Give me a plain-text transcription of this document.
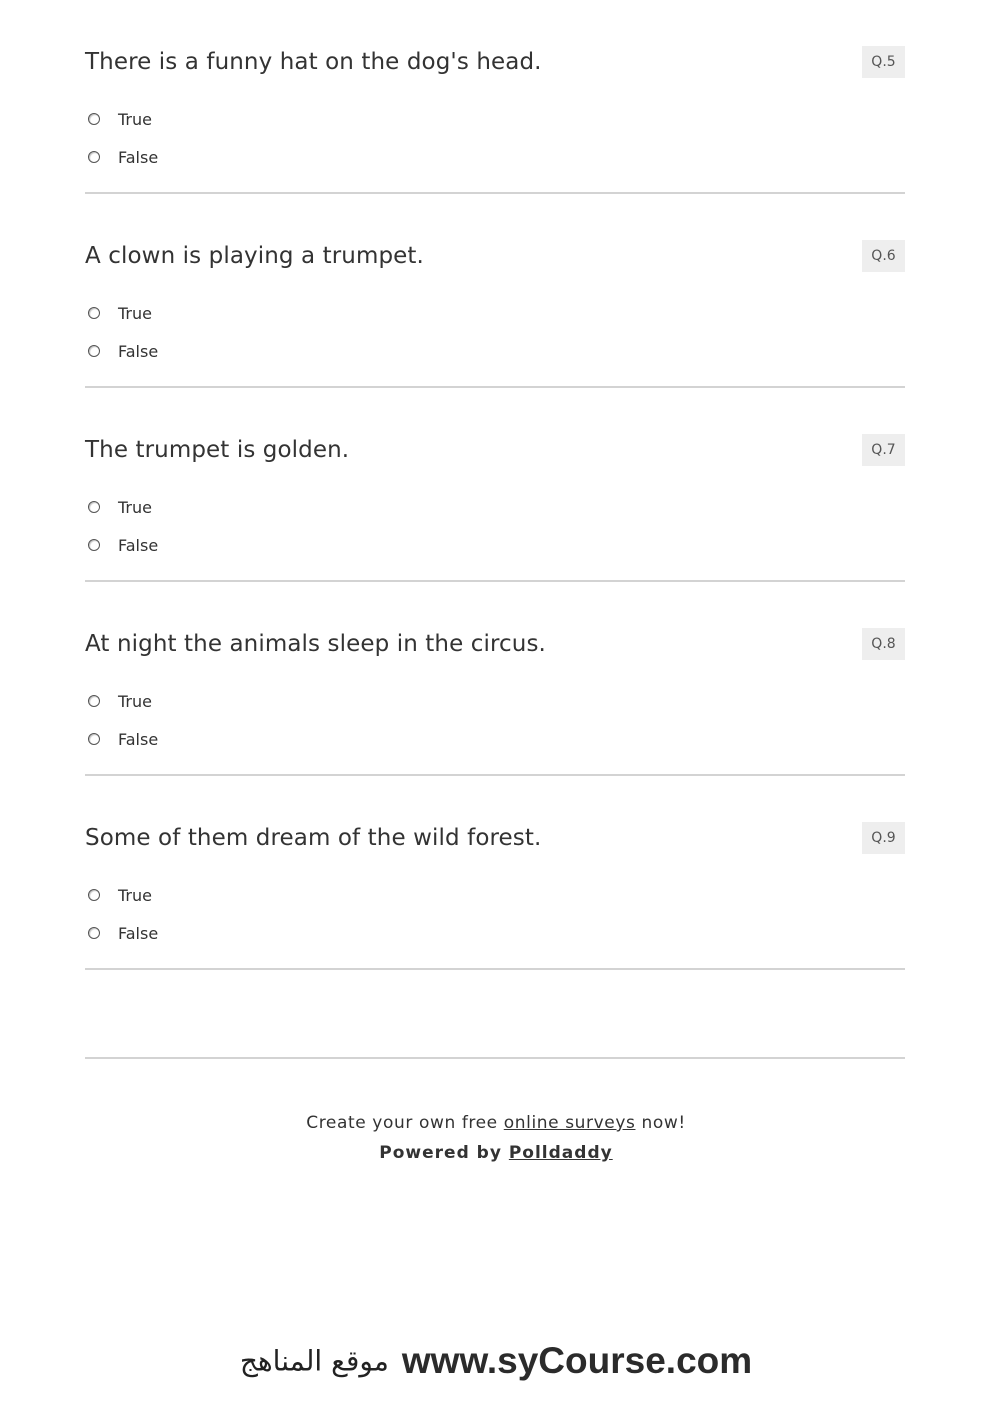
There is a funny hat on the dog's head.	Q.5
True
False
A clown is playing a trumpet.	Q.6
True
False
The trumpet is golden.	Q.7
True
False
At night the animals sleep in the circus.	Q.8
True
False
Some of them dream of the wild forest.	Q.9
True
False
Create your own free online surveys now!
Powered by Polldaddy
موقع المناهج www.syCourse.com
